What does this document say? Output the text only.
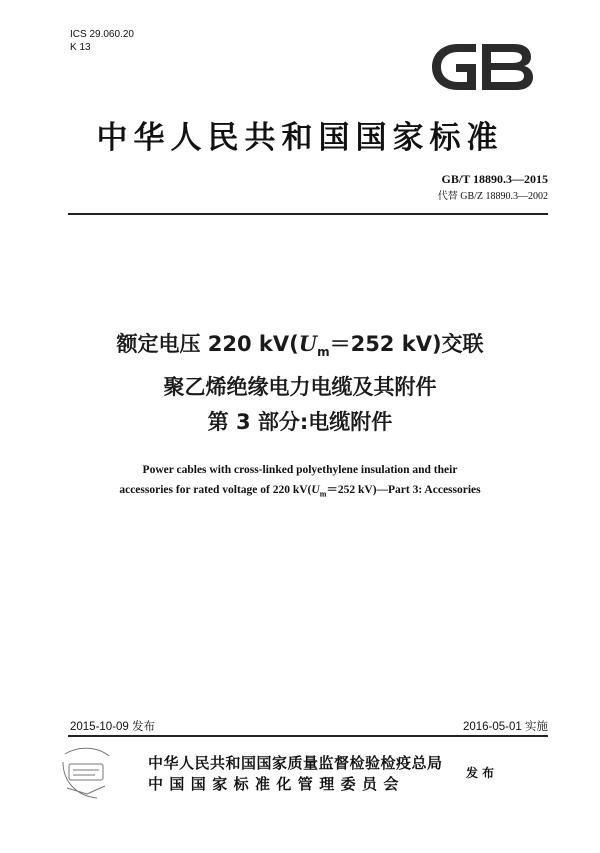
ICS 29.060.20
K 13
中华人民共和国国家标准
GB/T 18890.3—2015
代替 GB/Z 18890.3—2002
额定电压 220 $kV(U_m=252$ kV)交联
聚乙烯绝缘电力电缆及其附件
第 3 部分:电缆附件
Power cables with cross-linked polyethylene insulation and their
accessories for rated voltage of 220 $kV(U_m=252$ kV)—Part 3: Accessories
2015-10-09 发布	2016-05-01 实施
中华人民共和国国家质量监督检验检疫总局
中国国家标准化管理委员会
发布
